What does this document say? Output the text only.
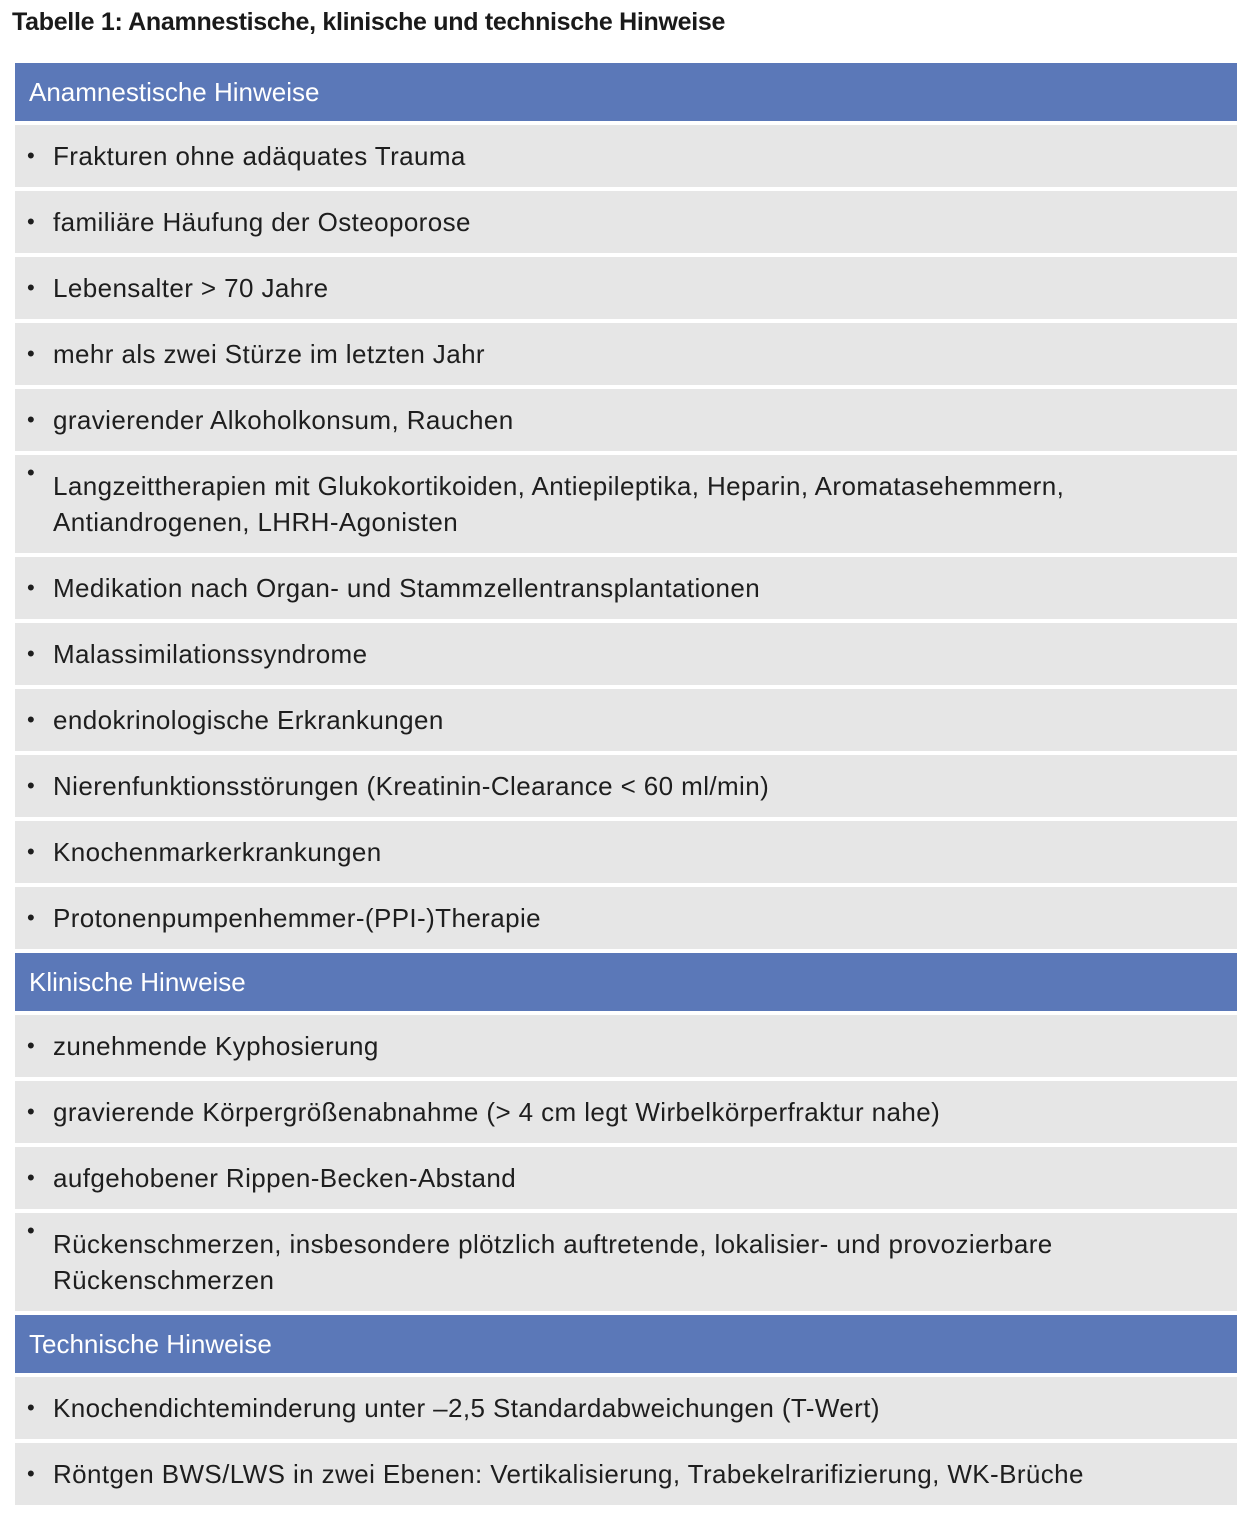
Tabelle 1: Anamnestische, klinische und technische Hinweise
Anamnestische Hinweise
• Frakturen ohne adäquates Trauma
• familiäre Häufung der Osteoporose
• Lebensalter > 70 Jahre
• mehr als zwei Stürze im letzten Jahr
• gravierender Alkoholkonsum, Rauchen
• Langzeittherapien mit Glukokortikoiden, Antiepileptika, Heparin, Aromatasehemmern, Antiandrogenen, LHRH-Agonisten
• Medikation nach Organ- und Stammzellentransplantationen
• Malassimilationssyndrome
• endokrinologische Erkrankungen
• Nierenfunktionsstörungen (Kreatinin-Clearance < 60 ml/min)
• Knochenmarkerkrankungen
• Protonenpumpenhemmer-(PPI-)Therapie
Klinische Hinweise
• zunehmende Kyphosierung
• gravierende Körpergrößenabnahme (> 4 cm legt Wirbelkörperfraktur nahe)
• aufgehobener Rippen-Becken-Abstand
• Rückenschmerzen, insbesondere plötzlich auftretende, lokalisier- und provozierbare Rückenschmerzen
Technische Hinweise
• Knochendichteminderung unter –2,5 Standardabweichungen (T-Wert)
• Röntgen BWS/LWS in zwei Ebenen: Vertikalisierung, Trabekelrarifizierung, WK-Brüche
